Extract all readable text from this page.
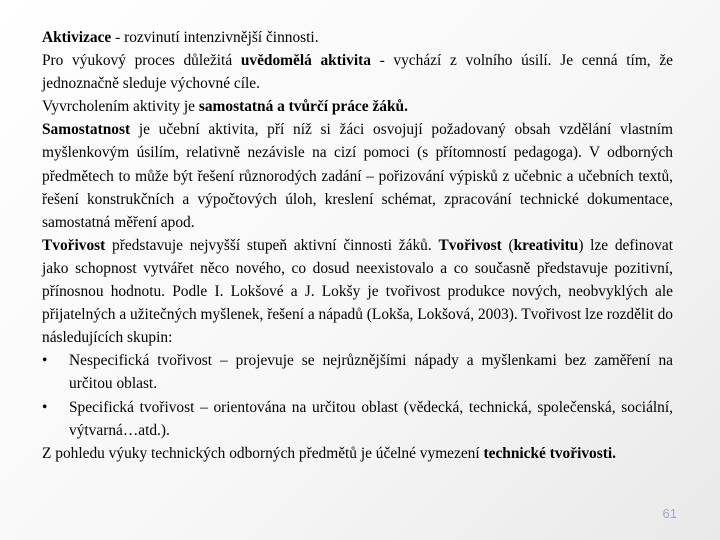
Aktivizace - rozvinutí intenzivnější činnosti.

Pro výukový proces důležitá uvědomělá aktivita - vychází z volního úsilí. Je cenná tím, že jednoznačně sleduje výchovné cíle.

Vyvrcholením aktivity je samostatná a tvůrčí práce žáků.

Samostatnost je učební aktivita, pří níž si žáci osvojují požadovaný obsah vzdělání vlastním myšlenkovým úsilím, relativně nezávisle na cizí pomoci (s přítomností pedagoga). V odborných předmětech to může být řešení různorodých zadání – pořizování výpisků z učebnic a učebních textů, řešení konstrukčních a výpočtových úloh, kreslení schémat, zpracování technické dokumentace, samostatná měření apod.

Tvořivost představuje nejvyšší stupeň aktivní činnosti žáků. Tvořivost (kreativitu) lze definovat jako schopnost vytvářet něco nového, co dosud neexistovalo a co současně představuje pozitivní, přínosnou hodnotu. Podle I. Lokšové a J. Lokšy je tvořivost produkce nových, neobvyklých ale přijatelných a užitečných myšlenek, řešení a nápadů (Lokša, Lokšová, 2003). Tvořivost lze rozdělit do následujících skupin:

•	Nespecifická tvořivost – projevuje se nejrůznějšími nápady a myšlenkami bez zaměření na určitou oblast.
•	Specifická tvořivost – orientována na určitou oblast (vědecká, technická, společenská, sociální, výtvarná…atd.).

Z pohledu výuky technických odborných předmětů je účelné vymezení technické tvořivosti.

61
